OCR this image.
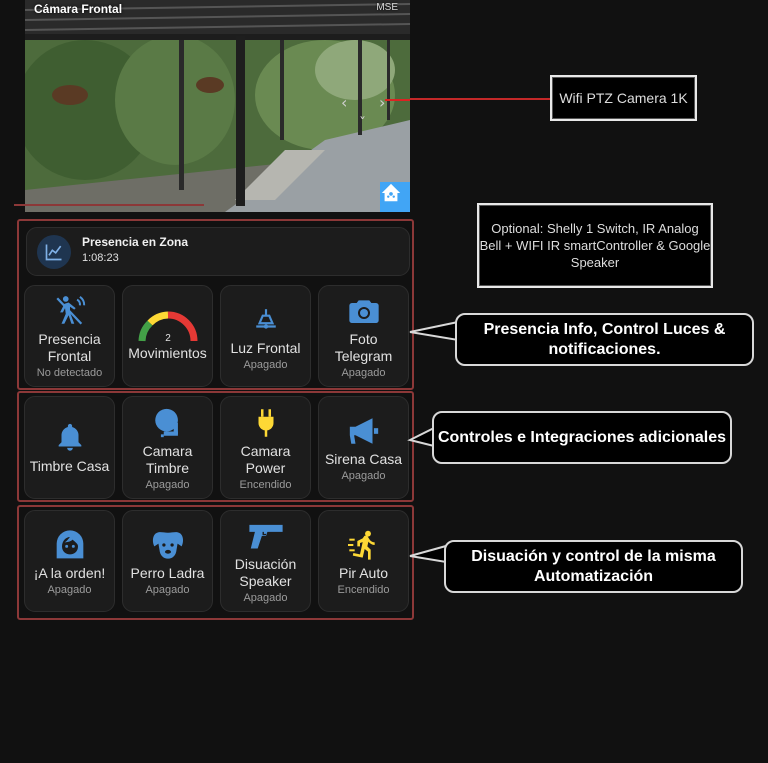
‹ ›
ˇ
Cámara Frontal	MSE
Wifi PTZ Camera 1K
Optional: Shelly 1 Switch, IR Analog Bell + WIFI IR smartController & Google Speaker
Presencia en Zona
1:08:23
Presencia Frontal
No detectado
2
Movimientos Luz Frontal
Apagado
Foto Telegram
Apagado
Timbre Casa
Camara Timbre
Apagado
Camara Power
Encendido
Sirena Casa
Apagado
¡A la orden!
Apagado
Perro Ladra
Apagado
Disuación Speaker
Apagado
Pir Auto
Encendido
Presencia Info, Control Luces & notificaciones.
Controles e Integraciones adicionales
Disuación y control de la misma Automatización
